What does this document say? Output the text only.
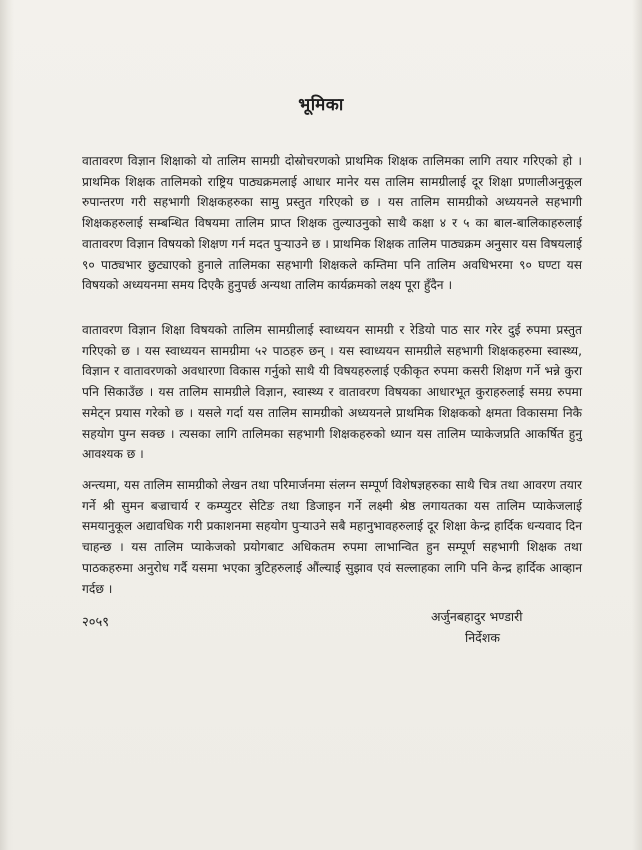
भूमिका

वातावरण विज्ञान शिक्षाको यो तालिम सामग्री दोस्रोचरणको प्राथमिक शिक्षक तालिमका लागि तयार गरिएको हो । प्राथमिक शिक्षक तालिमको राष्ट्रिय पाठ्यक्रमलाई आधार मानेर यस तालिम सामग्रीलाई दूर शिक्षा प्रणालीअनुकूल रुपान्तरण गरी सहभागी शिक्षकहरुका सामु प्रस्तुत गरिएको छ । यस तालिम सामग्रीको अध्ययनले सहभागी शिक्षकहरुलाई सम्बन्धित विषयमा तालिम प्राप्त शिक्षक तुल्याउनुको साथै कक्षा ४ र ५ का बाल-बालिकाहरुलाई वातावरण विज्ञान विषयको शिक्षण गर्न मदत पुऱ्याउने छ । प्राथमिक शिक्षक तालिम पाठ्यक्रम अनुसार यस विषयलाई ९० पाठ्यभार छुट्याएको हुनाले तालिमका सहभागी शिक्षकले कम्तिमा पनि तालिम अवधिभरमा ९० घण्टा यस विषयको अध्ययनमा समय दिएकै हुनुपर्छ अन्यथा तालिम कार्यक्रमको लक्ष्य पूरा हुँदैन ।

वातावरण विज्ञान शिक्षा विषयको तालिम सामग्रीलाई स्वाध्ययन सामग्री र रेडियो पाठ सार गरेर दुई रुपमा प्रस्तुत गरिएको छ । यस स्वाध्ययन सामग्रीमा ५२ पाठहरु छन् । यस स्वाध्ययन सामग्रीले सहभागी शिक्षकहरुमा स्वास्थ्य, विज्ञान र वातावरणको अवधारणा विकास गर्नुको साथै यी विषयहरुलाई एकीकृत रुपमा कसरी शिक्षण गर्ने भन्ने कुरा पनि सिकाउँछ । यस तालिम सामग्रीले विज्ञान, स्वास्थ्य र वातावरण विषयका आधारभूत कुराहरुलाई समग्र रुपमा समेट्न प्रयास गरेको छ । यसले गर्दा यस तालिम सामग्रीको अध्ययनले प्राथमिक शिक्षकको क्षमता विकासमा निकै सहयोग पुग्न सक्छ । त्यसका लागि तालिमका सहभागी शिक्षकहरुको ध्यान यस तालिम प्याकेजप्रति आकर्षित हुनु आवश्यक छ ।

अन्त्यमा, यस तालिम सामग्रीको लेखन तथा परिमार्जनमा संलग्न सम्पूर्ण विशेषज्ञहरुका साथै चित्र तथा आवरण तयार गर्ने श्री सुमन बज्राचार्य र कम्प्युटर सेटिङ तथा डिजाइन गर्ने लक्ष्मी श्रेष्ठ लगायतका यस तालिम प्याकेजलाई समयानुकूल अद्यावधिक गरी प्रकाशनमा सहयोग पुऱ्याउने सबै महानुभावहरुलाई दूर शिक्षा केन्द्र हार्दिक धन्यवाद दिन चाहन्छ । यस तालिम प्याकेजको प्रयोगबाट अधिकतम रुपमा लाभान्वित हुन सम्पूर्ण सहभागी शिक्षक तथा पाठकहरुमा अनुरोध गर्दै यसमा भएका त्रुटिहरुलाई औंल्याई सुझाव एवं सल्लाहका लागि पनि केन्द्र हार्दिक आव्हान गर्दछ ।

२०५९	अर्जुनबहादुर भण्डारी

निर्देशक
